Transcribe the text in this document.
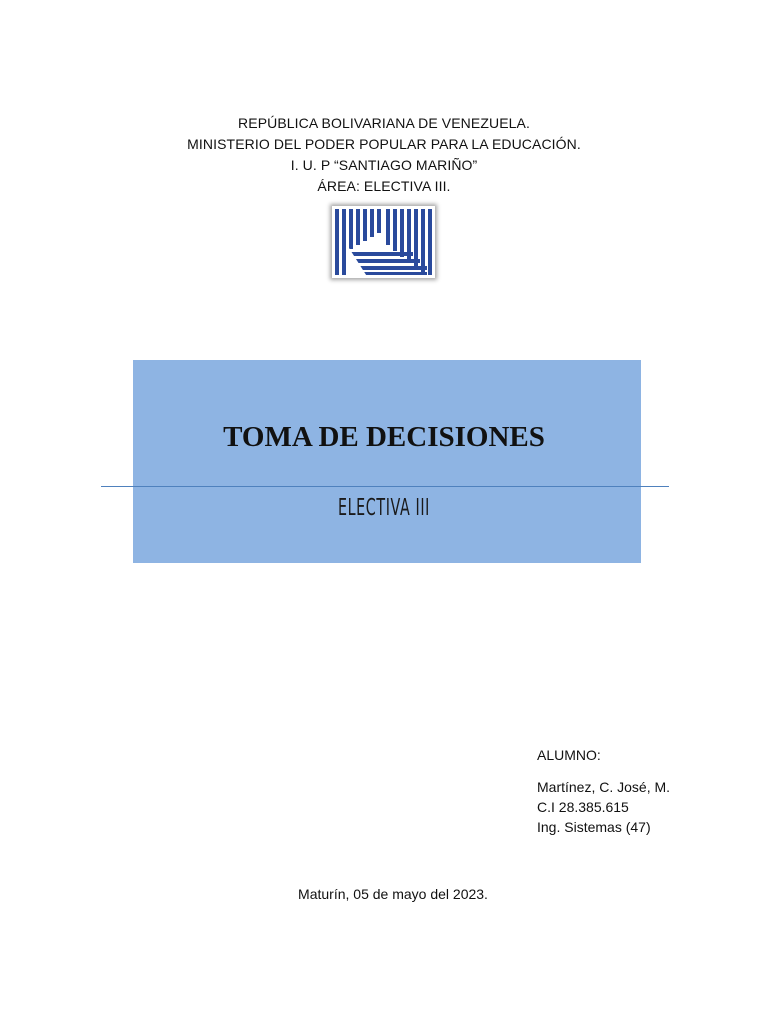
REPÚBLICA BOLIVARIANA DE VENEZUELA.
MINISTERIO DEL PODER POPULAR PARA LA EDUCACIÓN.
I. U. P “SANTIAGO MARIÑO”
ÁREA: ELECTIVA III.
TOMA DE DECISIONES
ELECTIVA III
ALUMNO:
Martínez, C. José, M.
C.I 28.385.615
Ing. Sistemas (47)
Maturín, 05 de mayo del 2023.
